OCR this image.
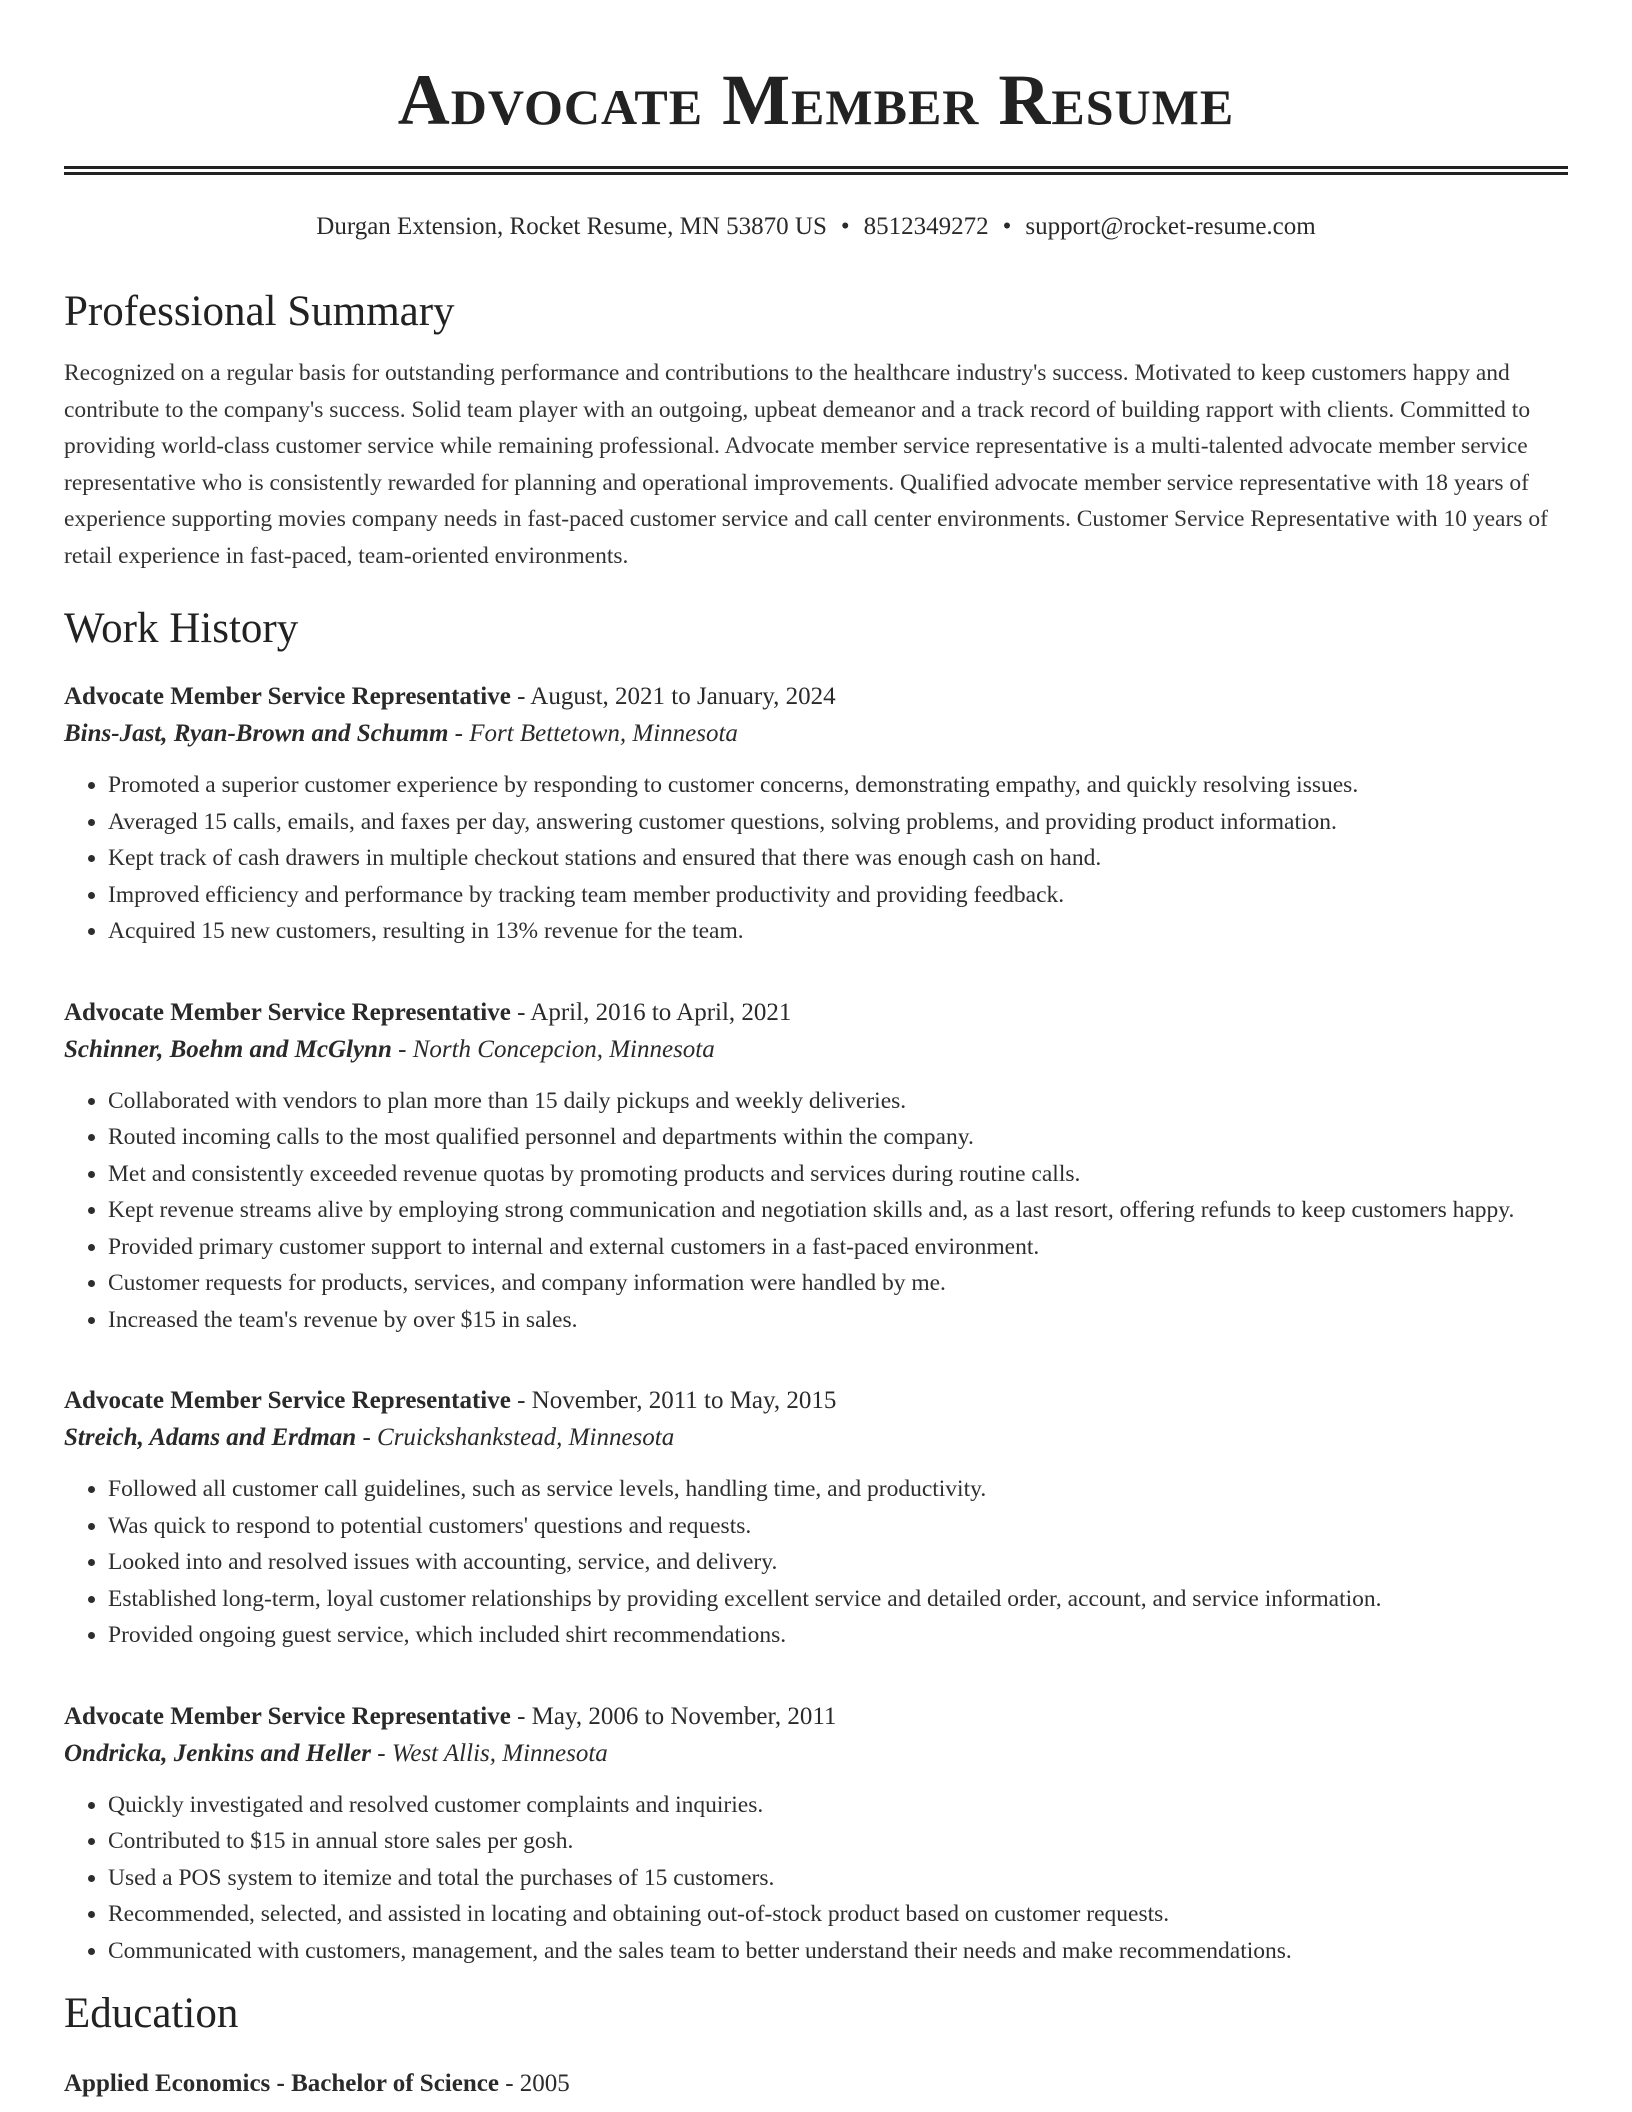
Advocate Member Resume
Durgan Extension, Rocket Resume, MN 53870 US • 8512349272 • support@rocket-resume.com
Professional Summary

Recognized on a regular basis for outstanding performance and contributions to the healthcare industry's success. Motivated to keep customers happy and contribute to the company's success. Solid team player with an outgoing, upbeat demeanor and a track record of building rapport with clients. Committed to providing world-class customer service while remaining professional. Advocate member service representative is a multi-talented advocate member service representative who is consistently rewarded for planning and operational improvements. Qualified advocate member service representative with 18 years of experience supporting movies company needs in fast-paced customer service and call center environments. Customer Service Representative with 10 years of retail experience in fast-paced, team-oriented environments.

Work History
Advocate Member Service Representative - August, 2021 to January, 2024
Bins-Jast, Ryan-Brown and Schumm - Fort Bettetown, Minnesota
• Promoted a superior customer experience by responding to customer concerns, demonstrating empathy, and quickly resolving issues.
• Averaged 15 calls, emails, and faxes per day, answering customer questions, solving problems, and providing product information.
• Kept track of cash drawers in multiple checkout stations and ensured that there was enough cash on hand.
• Improved efficiency and performance by tracking team member productivity and providing feedback.
• Acquired 15 new customers, resulting in 13% revenue for the team.
Advocate Member Service Representative - April, 2016 to April, 2021
Schinner, Boehm and McGlynn - North Concepcion, Minnesota
• Collaborated with vendors to plan more than 15 daily pickups and weekly deliveries.
• Routed incoming calls to the most qualified personnel and departments within the company.
• Met and consistently exceeded revenue quotas by promoting products and services during routine calls.
• Kept revenue streams alive by employing strong communication and negotiation skills and, as a last resort, offering refunds to keep customers happy.
• Provided primary customer support to internal and external customers in a fast-paced environment.
• Customer requests for products, services, and company information were handled by me.
• Increased the team's revenue by over $15 in sales.
Advocate Member Service Representative - November, 2011 to May, 2015
Streich, Adams and Erdman - Cruickshankstead, Minnesota
• Followed all customer call guidelines, such as service levels, handling time, and productivity.
• Was quick to respond to potential customers' questions and requests.
• Looked into and resolved issues with accounting, service, and delivery.
• Established long-term, loyal customer relationships by providing excellent service and detailed order, account, and service information.
• Provided ongoing guest service, which included shirt recommendations.
Advocate Member Service Representative - May, 2006 to November, 2011
Ondricka, Jenkins and Heller - West Allis, Minnesota
• Quickly investigated and resolved customer complaints and inquiries.
• Contributed to $15 in annual store sales per gosh.
• Used a POS system to itemize and total the purchases of 15 customers.
• Recommended, selected, and assisted in locating and obtaining out-of-stock product based on customer requests.
• Communicated with customers, management, and the sales team to better understand their needs and make recommendations.
Education
Applied Economics - Bachelor of Science - 2005
